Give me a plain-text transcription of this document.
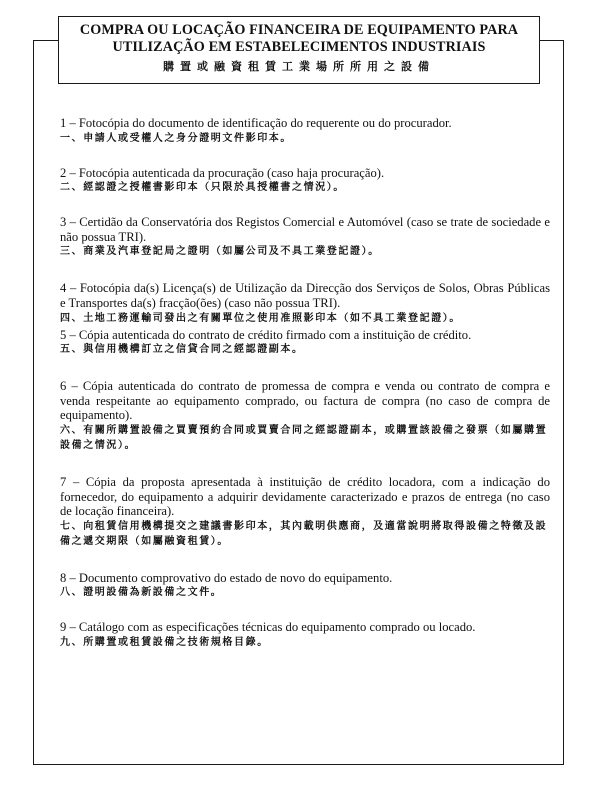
COMPRA OU LOCAÇÃO FINANCEIRA DE EQUIPAMENTO PARA
UTILIZAÇÃO EM ESTABELECIMENTOS INDUSTRIAIS
購置或融資租賃工業場所所用之設備
1 – Fotocópia do documento de identificação do requerente ou do procurador.
一、申請人或受權人之身分證明文件影印本。
2 – Fotocópia autenticada da procuração (caso haja procuração).
二、經認證之授權書影印本（只限於具授權書之情況）。
3 – Certidão da Conservatória dos Registos Comercial e Automóvel (caso se trate de sociedade e não possua TRI).
三、商業及汽車登記局之證明（如屬公司及不具工業登記證）。
4 – Fotocópia da(s) Licença(s) de Utilização da Direcção dos Serviços de Solos, Obras Públicas e Transportes da(s) fracção(ões) (caso não possua TRI).
四、土地工務運輸司發出之有關單位之使用准照影印本（如不具工業登記證）。
5 – Cópia autenticada do contrato de crédito firmado com a instituição de crédito.
五、與信用機構訂立之信貸合同之經認證副本。
6 – Cópia autenticada do contrato de promessa de compra e venda ou contrato de compra e venda respeitante ao equipamento comprado, ou factura de compra (no caso de compra de equipamento).
六、有關所購置設備之買賣預約合同或買賣合同之經認證副本，或購置該設備之發票（如屬購置設備之情況）。
7 – Cópia da proposta apresentada à instituição de crédito locadora, com a indicação do fornecedor, do equipamento a adquirir devidamente caracterizado e prazos de entrega (no caso de locação financeira).
七、向租賃信用機構提交之建議書影印本，其內載明供應商，及適當說明將取得設備之特徵及設備之遞交期限（如屬融資租賃）。
8 – Documento comprovativo do estado de novo do equipamento.
八、證明設備為新設備之文件。
9 – Catálogo com as especificações técnicas do equipamento comprado ou locado.
九、所購置或租賃設備之技術規格目錄。
